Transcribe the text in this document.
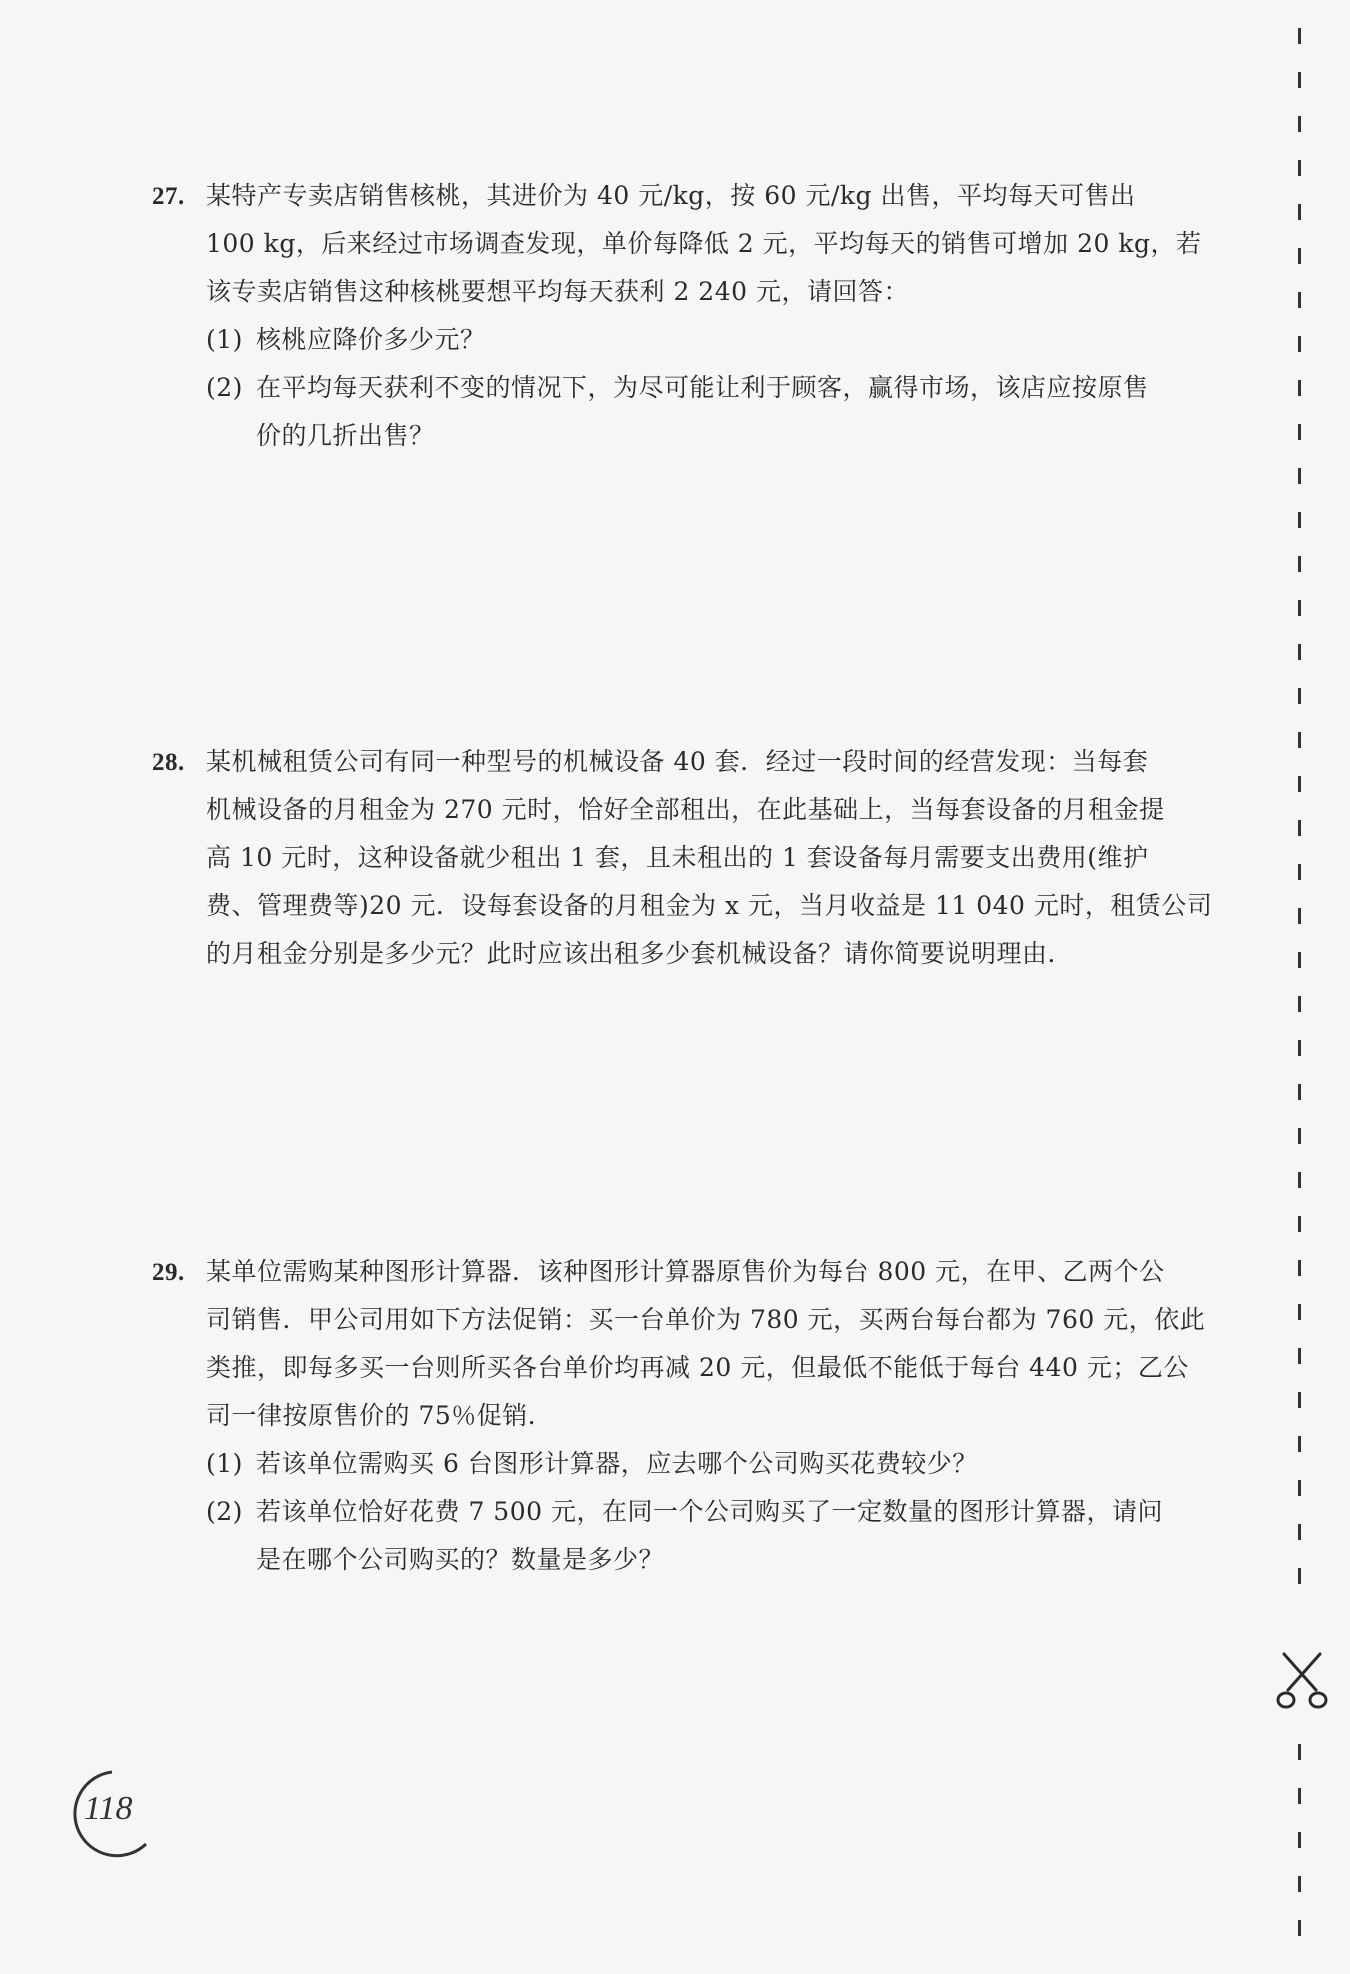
27. 某特产专卖店销售核桃，其进价为 40 元/kg，按 60 元/kg 出售，平均每天可售出
100 kg，后来经过市场调查发现，单价每降低 2 元，平均每天的销售可增加 20 kg，若
该专卖店销售这种核桃要想平均每天获利 2 240 元，请回答：
(1) 核桃应降价多少元？
(2) 在平均每天获利不变的情况下，为尽可能让利于顾客，赢得市场，该店应按原售
价的几折出售？
28. 某机械租赁公司有同一种型号的机械设备 40 套．经过一段时间的经营发现：当每套
机械设备的月租金为 270 元时，恰好全部租出，在此基础上，当每套设备的月租金提
高 10 元时，这种设备就少租出 1 套，且未租出的 1 套设备每月需要支出费用(维护
费、管理费等)20 元．设每套设备的月租金为 x 元，当月收益是 11 040 元时，租赁公司
的月租金分别是多少元？此时应该出租多少套机械设备？请你简要说明理由．
29. 某单位需购某种图形计算器．该种图形计算器原售价为每台 800 元，在甲、乙两个公
司销售．甲公司用如下方法促销：买一台单价为 780 元，买两台每台都为 760 元，依此
类推，即每多买一台则所买各台单价均再减 20 元，但最低不能低于每台 440 元；乙公
司一律按原售价的 75％促销．
(1) 若该单位需购买 6 台图形计算器，应去哪个公司购买花费较少？
(2) 若该单位恰好花费 7 500 元，在同一个公司购买了一定数量的图形计算器，请问
是在哪个公司购买的？数量是多少？
118
